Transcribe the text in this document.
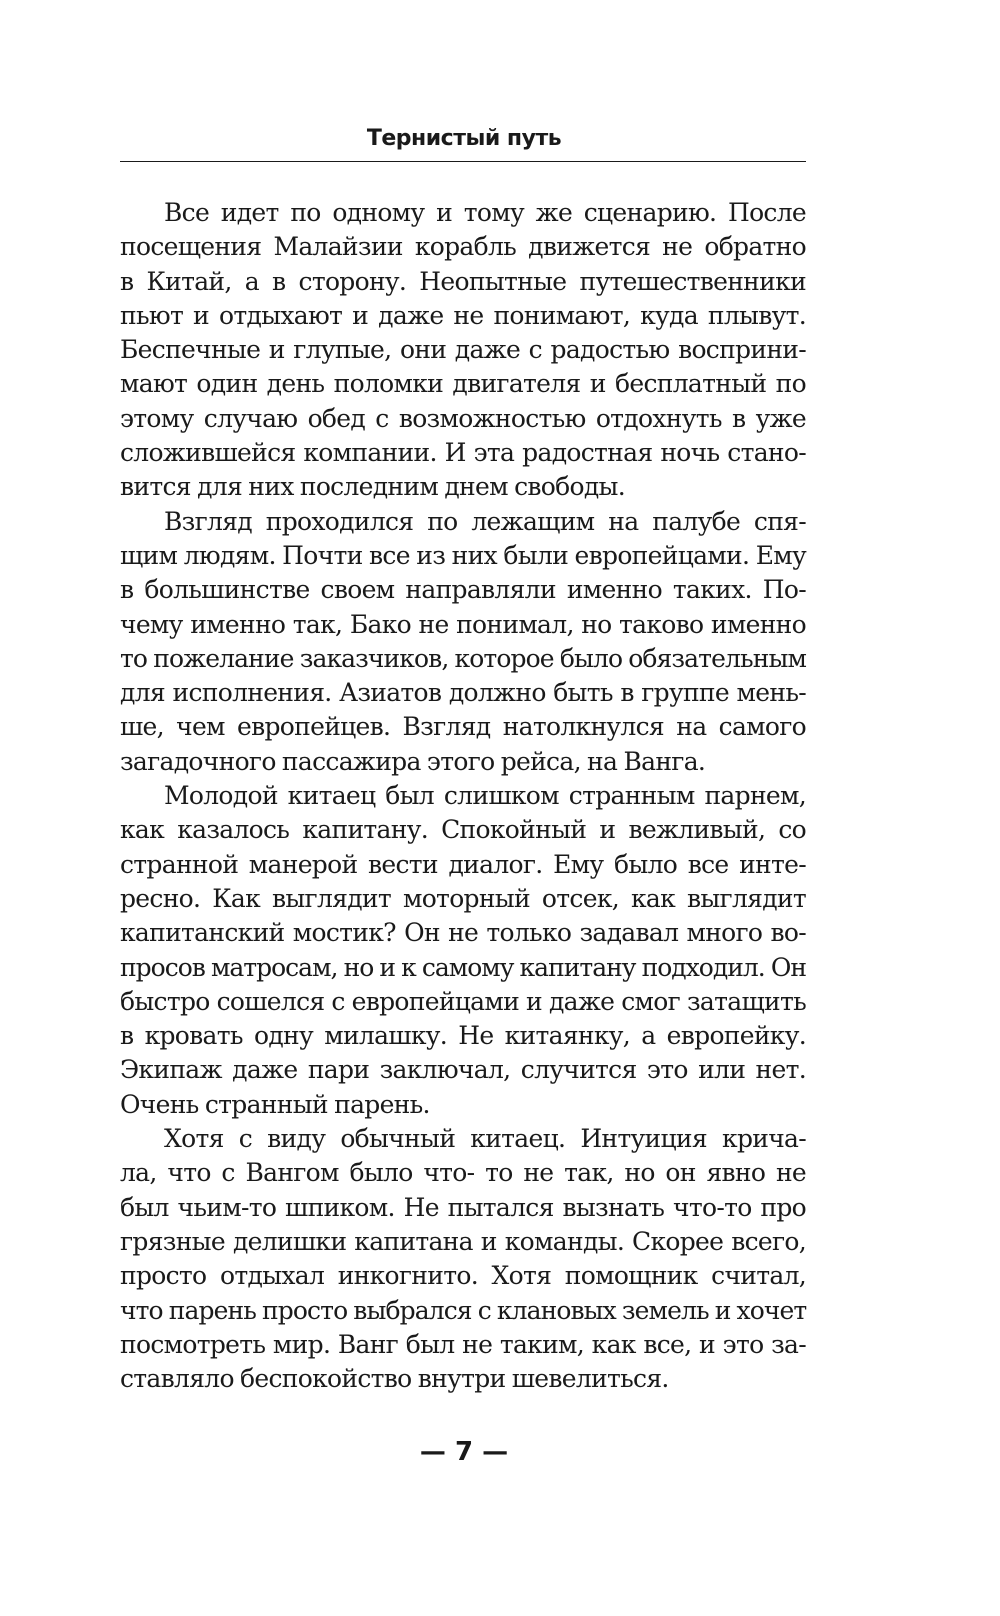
Тернистый путь

Все идет по одному и тому же сценарию. После
посещения Малайзии корабль движется не обратно
в Китай, а в сторону. Неопытные путешественники
пьют и отдыхают и даже не понимают, куда плывут.
Беспечные и глупые, они даже с радостью восприни-
мают один день поломки двигателя и бесплатный по
этому случаю обед с возможностью отдохнуть в уже
сложившейся компании. И эта радостная ночь стано-
вится для них последним днем свободы.

Взгляд проходился по лежащим на палубе спя-
щим людям. Почти все из них были европейцами. Ему
в большинстве своем направляли именно таких. По-
чему именно так, Бако не понимал, но таково именно
то пожелание заказчиков, которое было обязательным
для исполнения. Азиатов должно быть в группе мень-
ше, чем европейцев. Взгляд натолкнулся на самого
загадочного пассажира этого рейса, на Ванга.

Молодой китаец был слишком странным парнем,
как казалось капитану. Спокойный и вежливый, со
странной манерой вести диалог. Ему было все инте-
ресно. Как выглядит моторный отсек, как выглядит
капитанский мостик? Он не только задавал много во-
просов матросам, но и к самому капитану подходил. Он
быстро сошелся с европейцами и даже смог затащить
в кровать одну милашку. Не китаянку, а европейку.
Экипаж даже пари заключал, случится это или нет.
Очень странный парень.

Хотя с виду обычный китаец. Интуиция крича-
ла, что с Вангом было что- то не так, но он явно не
был чьим-то шпиком. Не пытался вызнать что-то про
грязные делишки капитана и команды. Скорее всего,
просто отдыхал инкогнито. Хотя помощник считал,
что парень просто выбрался с клановых земель и хочет
посмотреть мир. Ванг был не таким, как все, и это за-
ставляло беспокойство внутри шевелиться.

— 7 —
